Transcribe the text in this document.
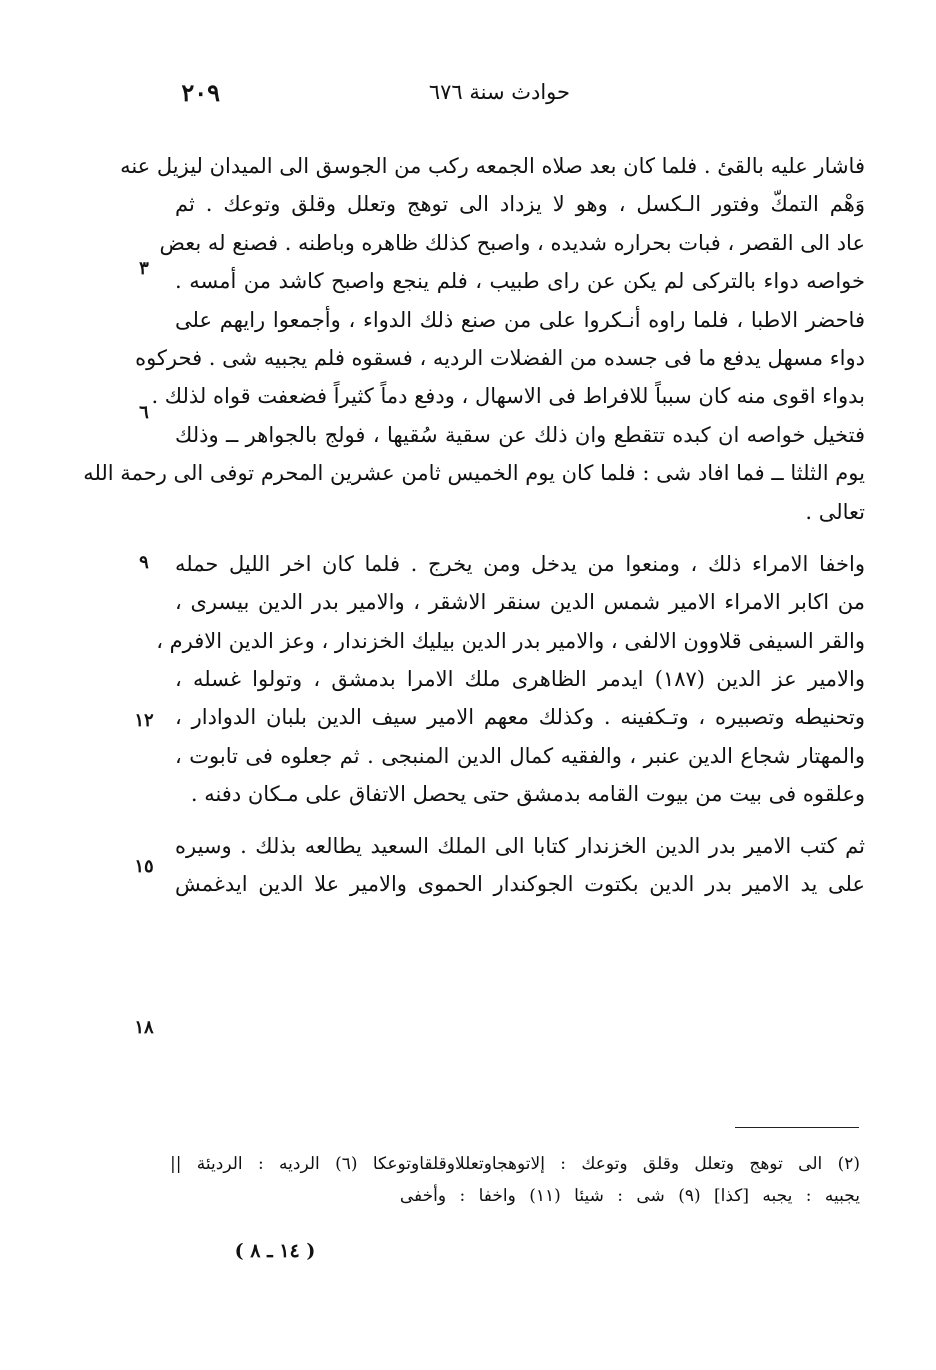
٢٠٩	حوادث سنة ٦٧٦
٣
٦
٩
١٢
١٥
١٨
فاشار عليه بالقئ . فلما كان بعد صلاه الجمعه ركب من الجوسق الى الميدان ليزيل عنه
وَهْم التمكّ وفتور الـكسل ، وهو لا يزداد الى توهج وتعلل وقلق وتوعك . ثم
عاد الى القصر ، فبات بحراره شديده ، واصبح كذلك ظاهره وباطنه . فصنع له بعض
خواصه دواء بالترکی لم يكن عن راى طبيب ، فلم ينجع واصبح كاشد من أمسه .
فاحضر الاطبا ، فلما راوه أنـكروا على من صنع ذلك الدواء ، وأجمعوا رايهم على
دواء مسهل يدفع ما فى جسده من الفضلات الرديه ، فسقوه فلم يجبيه شى . فحركوه
بدواء اقوى منه كان سبباً للافراط فى الاسهال ، ودفع دماً كثيراً فضعفت قواه لذلك .
فتخيل خواصه ان كبده تتقطع وان ذلك عن سقية سُقيها ، فولج بالجواهر ــ وذلك
يوم الثلثا ــ فما افاد شى : فلما كان يوم الخميس ثامن عشرين المحرم توفى الى رحمة الله
تعالى .
واخفا الامراء ذلك ، ومنعوا من يدخل ومن يخرج . فلما كان اخر الليل حمله
من اكابر الامراء الامير شمس الدين سنقر الاشقر ، والامير بدر الدين بيسرى ،
والقر السيفى قلاوون الالفى ، والامير بدر الدين بيليك الخزندار ، وعز الدين الافرم ،
والامير عز الدين (١٨٧) ايدمر الظاهرى ملك الامرا بدمشق ، وتولوا غسله ،
وتحنيطه وتصبيره ، وتـكفينه . وكذلك معهم الامير سيف الدين بلبان الدوادار ،
والمهتار شجاع الدين عنبر ، والفقيه كمال الدين المنبجى . ثم جعلوه فى تابوت ،
وعلقوه فى بيت من بيوت القامه بدمشق حتى يحصل الاتفاق على مـكان دفنه .
ثم كتب الامير بدر الدين الخزندار كتابا الى الملك السعيد يطالعه بذلك . وسيره
على يد الامير بدر الدين بكتوت الجوكندار الحموى والامير علا الدين ايدغمش
(٢) الى توهج وتعلل وقلق وتوعك : إلاتوهجاوتعللاوقلقاوتوعكا (٦) الرديه : الرديئة ||
يجبيه : يجبه [كذا] (٩) شى : شيئا (١١) واخفا : وأخفى
( ١٤ ـ ٨ )
